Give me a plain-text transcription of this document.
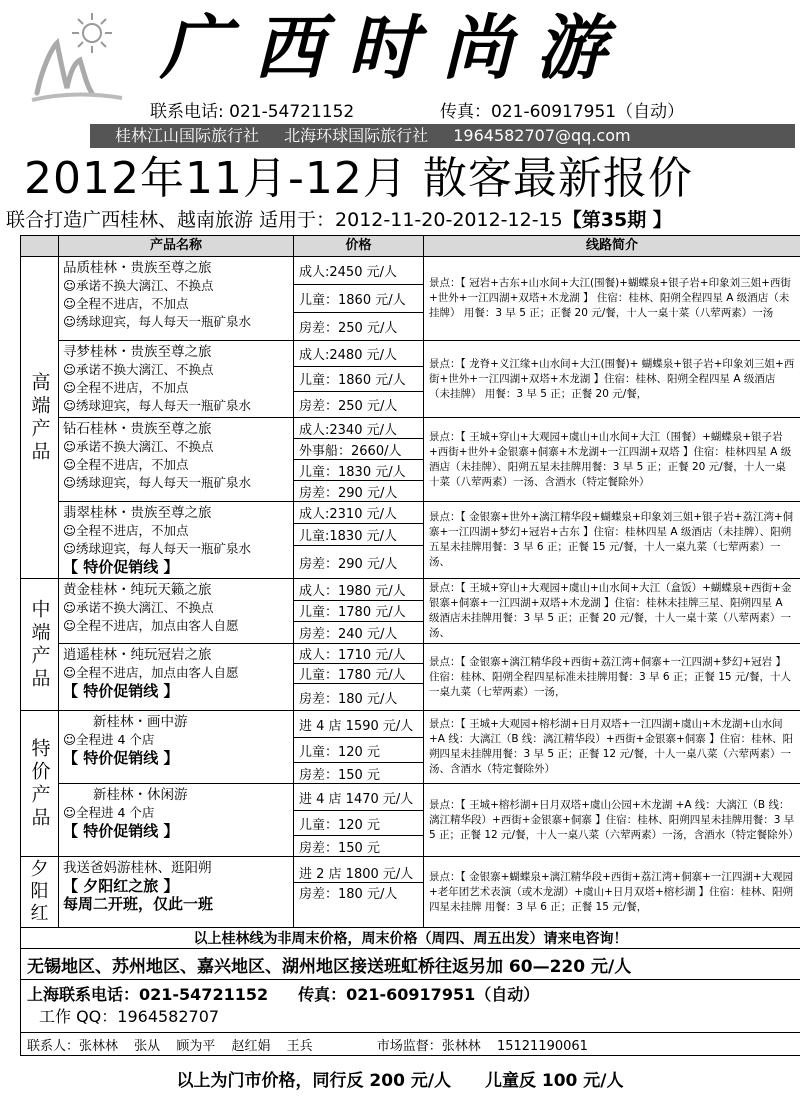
广西时尚游
联系电话: 021-54721152	传真：021-60917951（自动）
桂林江山国际旅行社 北海环球国际旅行社 1964582707@qq.com
2012年11月-12月 散客最新报价
联合打造广西桂林、越南旅游 适用于：2012-11-20-2012-12-15【第35期 】
	产品名称	价格	线路简介
高端产品	品质桂林・贵族至尊之旅
☺承诺不换大漓江、不换点
☺全程不进店，不加点
☺绣球迎宾，每人每天一瓶矿泉水	成人:2450 元/人	景点：【 冠岩+古东+山水间+大江(围餐)+蝴蝶泉+银子岩+印象刘三姐+西街+世外+一江四湖+双塔+木龙湖 】 住宿：桂林、阳朔全程四星 A 级酒店（未挂牌） 用餐：3 早 5 正；正餐 20 元/餐，十人一桌十菜（八荤两素）一汤
		儿童：1860 元/人	
		房差：250 元/人	

	寻梦桂林・贵族至尊之旅
☺承诺不换大漓江、不换点
☺全程不进店，不加点
☺绣球迎宾，每人每天一瓶矿泉水	成人:2480 元/人	景点：【 龙脊+义江缘+山水间+大江(围餐)+ 蝴蝶泉+银子岩+印象刘三姐+西街+世外+一江四湖+双塔+木龙湖 】住宿：桂林、阳朔全程四星 A 级酒店（未挂牌） 用餐：3 早 5 正；正餐 20 元/餐，
		儿童：1860 元/人	
		房差：250 元/人	

	钻石桂林・贵族至尊之旅
☺承诺不换大漓江、不换点
☺全程不进店，不加点
☺绣球迎宾，每人每天一瓶矿泉水	成人:2340 元/人	景点：【 王城+穿山+大观园+虞山+山水间+大江（围餐）+蝴蝶泉+银子岩+西街+世外+金银寨+侗寨+木龙湖+一江四湖+双塔 】住宿：桂林四星 A 级酒店（未挂牌）、阳朔五星未挂牌用餐：3 早 5 正；正餐 20 元/餐，十人一桌十菜（八荤两素）一汤、含酒水（特定餐除外）
		外事船：2660/人	
		儿童：1830 元/人	
		房差：290 元/人	

	翡翠桂林・贵族至尊之旅
☺全程不进店，不加点
☺绣球迎宾，每人每天一瓶矿泉水
【 特价促销线 】	成人:2310 元/人	景点：【 金银寨+世外+漓江精华段+蝴蝶泉+印象刘三姐+银子岩+荔江湾+侗寨+一江四湖+梦幻+冠岩+古东 】住宿：桂林四星 A 级酒店（未挂牌）、阳朔五星未挂牌用餐：3 早 6 正；正餐 15 元/餐，十人一桌九菜（七荤两素）一汤、
		儿童:1830 元/人	
		房差：290 元/人	
中端产品	黄金桂林・纯玩天籁之旅
☺承诺不换大漓江、不换点
☺全程不进店，加点由客人自愿	成人：1980 元/人	景点：【 王城+穿山+大观园+虞山+山水间+大江（盒饭）+蝴蝶泉+西街+金银寨+侗寨+一江四湖+双塔+木龙湖 】住宿：桂林未挂牌三星、阳朔四星 A 级酒店未挂牌用餐：3 早 5 正；正餐 20 元/餐，十人一桌十菜（八荤两素）一汤、
		儿童：1780 元/人	
		房差：240 元/人	

	逍遥桂林・纯玩冠岩之旅
☺全程不进店，加点由客人自愿
【 特价促销线 】	成人：1710 元/人	景点：【 金银寨+漓江精华段+西街+荔江湾+侗寨+一江四湖+梦幻+冠岩 】住宿：桂林、阳朔全程四星标准未挂牌用餐：3 早 6 正；正餐 15 元/餐，十人一桌九菜（七荤两素）一汤，
		儿童：1780 元/人	
		房差：180 元/人	
特价产品	新桂林・画中游
☺全程进 4 个店
【 特价促销线 】	进 4 店 1590 元/人	景点：【 王城+大观园+榕杉湖+日月双塔+一江四湖+虞山+木龙湖+山水间 +A 线：大漓江（B 线：漓江精华段）+西街+金银寨+侗寨 】住宿：桂林、阳朔四星未挂牌用餐：3 早 5 正；正餐 12 元/餐，十人一桌八菜（六荤两素）一汤、含酒水（特定餐除外）
		儿童：120 元	
		房差：150 元	

	新桂林・休闲游
☺全程进 4 个店
【 特价促销线 】	进 4 店 1470 元/人	景点：【 王城+榕杉湖+日月双塔+虞山公园+木龙湖 +A 线：大漓江（B 线：漓江精华段）+西街+金银寨+侗寨 】住宿：桂林、阳朔四星未挂牌用餐：3 早 5 正；正餐 12 元/餐，十人一桌八菜（六荤两素）一汤，含酒水（特定餐除外）
		儿童：120 元	
		房差：150 元	
夕阳红	我送爸妈游桂林、逛阳朔
【 夕阳红之旅 】
每周二开班，仅此一班	进 2 店 1800 元/人	景点：【 金银寨+蝴蝶泉+漓江精华段+西街+荔江湾+侗寨+一江四湖+大观园+老年团艺术表演（或木龙湖）+虞山+日月双塔+榕杉湖 】住宿：桂林、阳朔四星未挂牌 用餐：3 早 6 正；正餐 15 元/餐，
		房差：180 元/人	
以上桂林线为非周末价格，周末价格（周四、周五出发）请来电咨询！			
无锡地区、苏州地区、嘉兴地区、湖州地区接送班虹桥往返另加 60—220 元/人			

上海联系电话：021-54721152 传真：021-60917951（自动）
工作 QQ：1964582707			

联系人：张林林 张从 顾为平 赵红娟 王兵 市场监督：张林林 15121190061			
以上为门市价格，同行反 200 元/人 儿童反 100 元/人
